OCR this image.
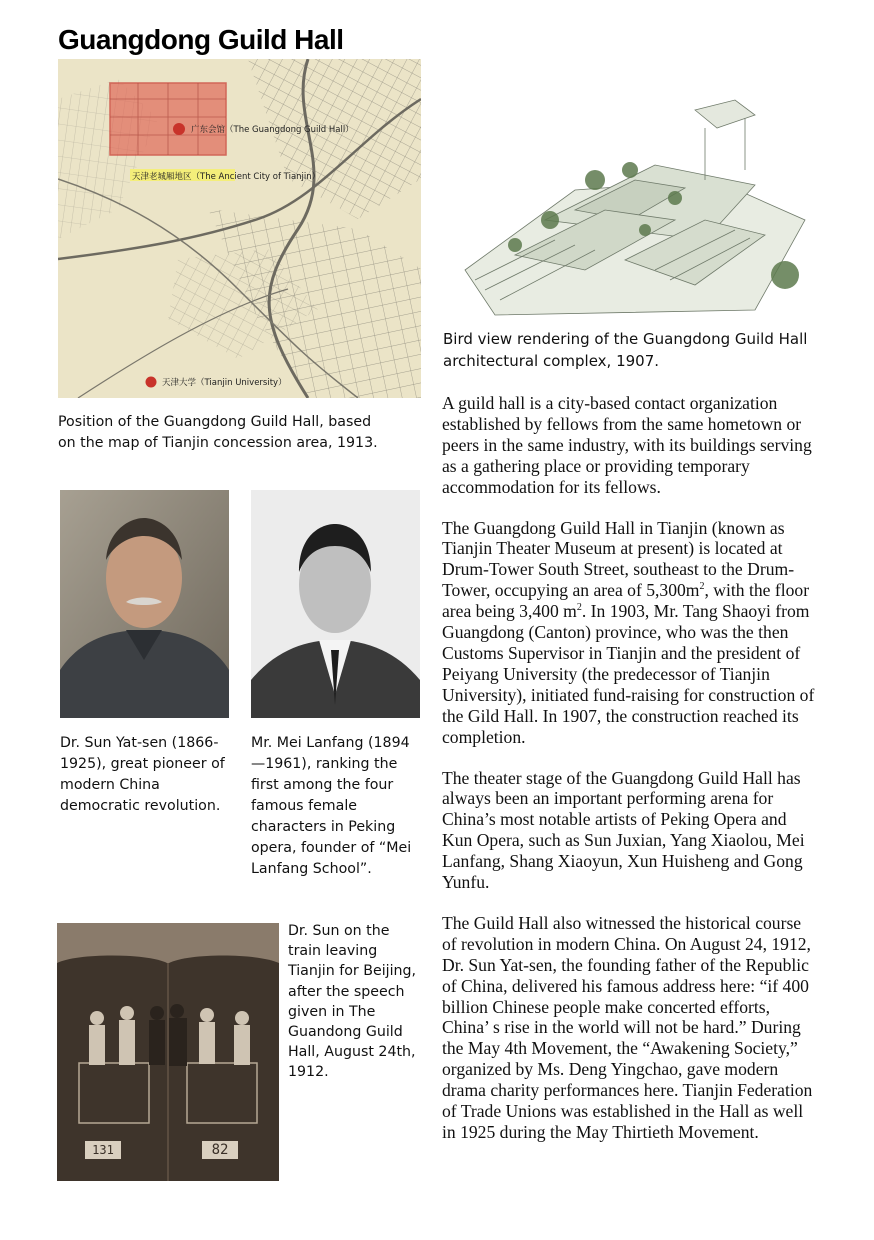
Guangdong Guild Hall
广东会馆（The Guangdong Guild Hall）
天津老城厢地区（The Ancient City of Tianjin）
天津大学（Tianjin University）
Position of the Guangdong Guild Hall, based on the map of Tianjin concession area, 1913.
Bird view rendering of the Guangdong Guild Hall architectural complex, 1907.
Dr. Sun Yat-sen (1866-1925), great pioneer of modern China democratic revolution.
Mr. Mei Lanfang (1894—1961), ranking the first among the four famous female characters in Peking opera, founder of “Mei Lanfang School”.
131	82
Dr. Sun on the train leaving Tianjin for Beijing, after the speech given in The Guandong Guild Hall, August 24th, 1912.

A guild hall is a city-based contact organization established by fellows from the same hometown or peers in the same industry, with its buildings serving as a gathering place or providing temporary accommodation for its fellows.

The Guangdong Guild Hall in Tianjin (known as Tianjin Theater Museum at present) is located at Drum-Tower South Street, southeast to the Drum-Tower, occupying an area of $5,300m^2$, with the floor area being 3,400 $m^2$. In 1903, Mr. Tang Shaoyi from Guangdong (Canton) province, who was the then Customs Supervisor in Tianjin and the president of Peiyang University (the predecessor of Tianjin University), initiated fund-raising for construction of the Gild Hall. In 1907, the construction reached its completion.

The theater stage of the Guangdong Guild Hall has always been an important performing arena for China’s most notable artists of Peking Opera and Kun Opera, such as Sun Juxian, Yang Xiaolou, Mei Lanfang, Shang Xiaoyun, Xun Huisheng and Gong Yunfu.

The Guild Hall also witnessed the historical course of revolution in modern China. On August 24, 1912, Dr. Sun Yat-sen, the founding father of the Republic of China, delivered his famous address here: “if 400 billion Chinese people make concerted efforts, China’ s rise in the world will not be hard.” During the May 4th Movement, the “Awakening Society,” organized by Ms. Deng Yingchao, gave modern drama charity performances here. Tianjin Federation of Trade Unions was established in the Hall as well in 1925 during the May Thirtieth Movement.
